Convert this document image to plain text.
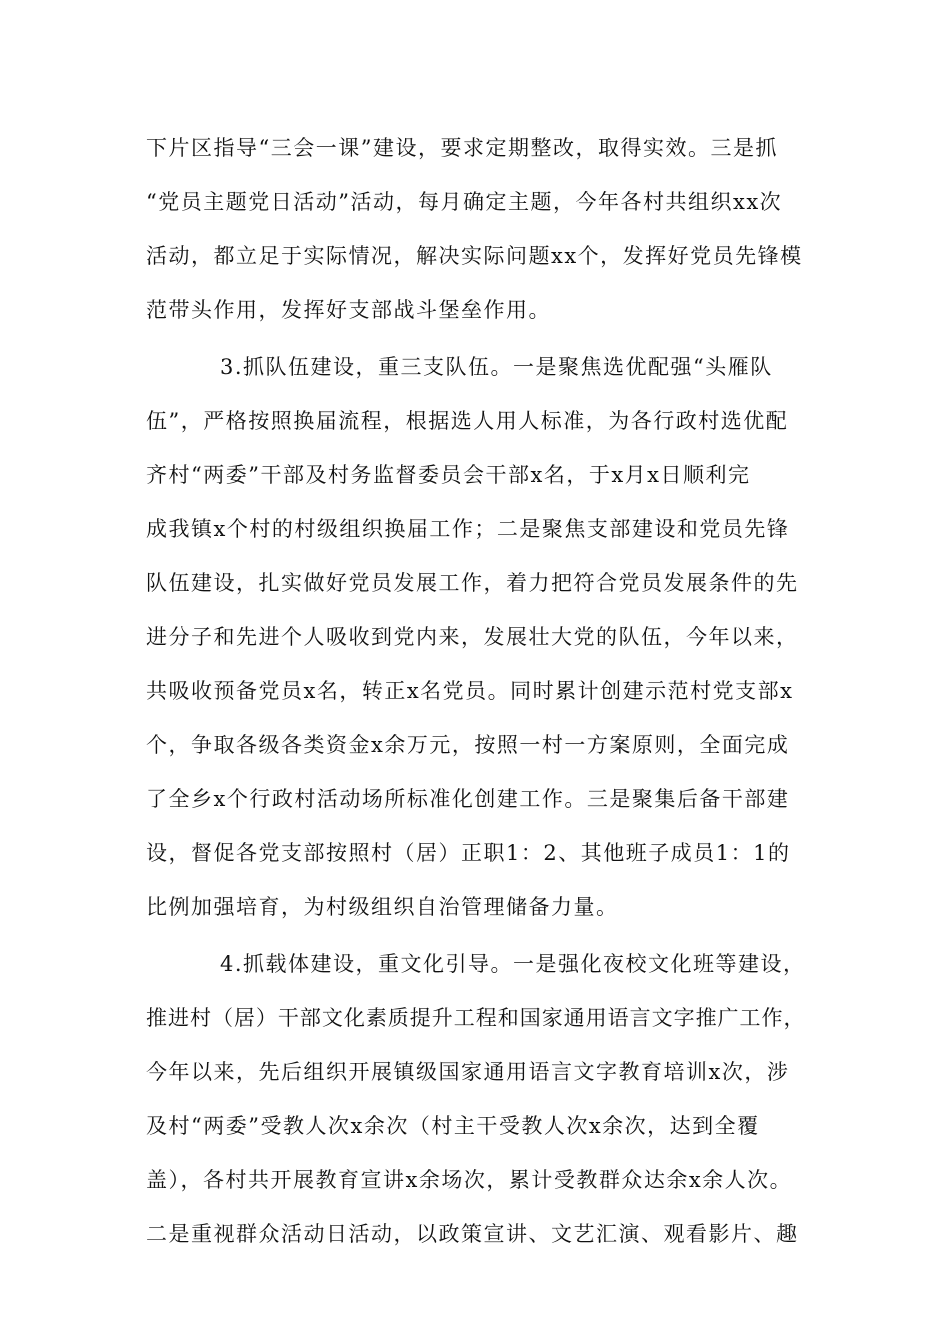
下片区指导“三会一课”建设，要求定期整改，取得实效。三是抓
“党员主题党日活动”活动，每月确定主题，今年各村共组织xx次
活动，都立足于实际情况，解决实际问题xx个，发挥好党员先锋模
范带头作用，发挥好支部战斗堡垒作用。
3.抓队伍建设，重三支队伍。一是聚焦选优配强“头雁队
伍”，严格按照换届流程，根据选人用人标准，为各行政村选优配
齐村“两委”干部及村务监督委员会干部x名，于x月x日顺利完
成我镇x个村的村级组织换届工作；二是聚焦支部建设和党员先锋
队伍建设，扎实做好党员发展工作，着力把符合党员发展条件的先
进分子和先进个人吸收到党内来，发展壮大党的队伍，今年以来，
共吸收预备党员x名，转正x名党员。同时累计创建示范村党支部x
个，争取各级各类资金x余万元，按照一村一方案原则，全面完成
了全乡x个行政村活动场所标准化创建工作。三是聚集后备干部建
设，督促各党支部按照村（居）正职1：2、其他班子成员1：1的
比例加强培育，为村级组织自治管理储备力量。
4.抓载体建设，重文化引导。一是强化夜校文化班等建设，
推进村（居）干部文化素质提升工程和国家通用语言文字推广工作，
今年以来，先后组织开展镇级国家通用语言文字教育培训x次，涉
及村“两委”受教人次x余次（村主干受教人次x余次，达到全覆
盖），各村共开展教育宣讲x余场次，累计受教群众达余x余人次。
二是重视群众活动日活动，以政策宣讲、文艺汇演、观看影片、趣
